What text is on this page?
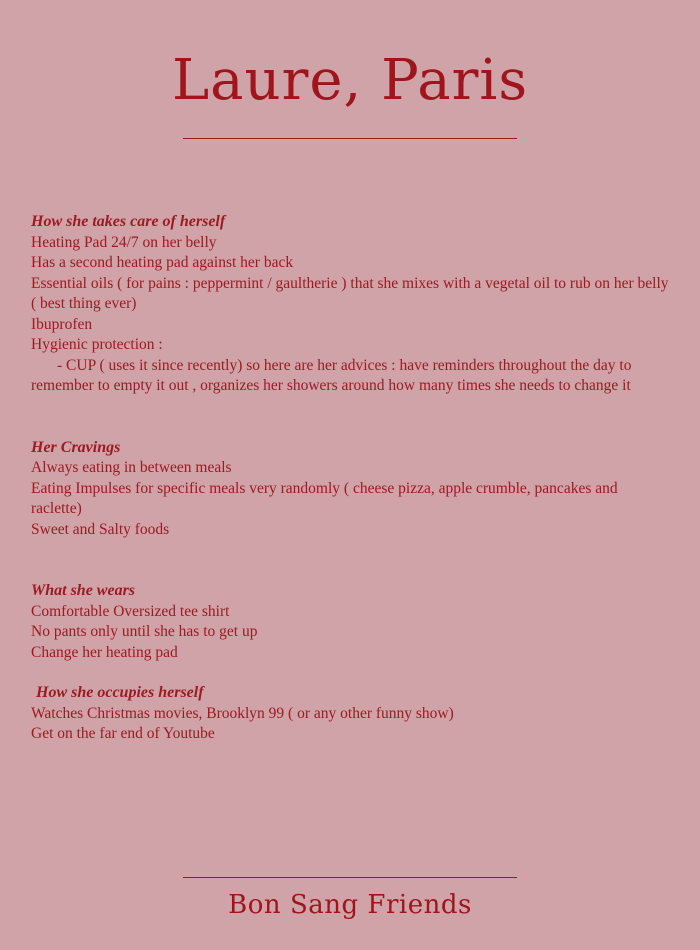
Laure, Paris

How she takes care of herself

Heating Pad 24/7 on her belly

Has a second heating pad against her back

Essential oils ( for pains : peppermint / gaultherie ) that she mixes with a vegetal oil to rub on her belly ( best thing ever)

Ibuprofen

Hygienic protection :

- CUP ( uses it since recently) so here are her advices : have reminders throughout the day to remember to empty it out , organizes her showers around how many times she needs to change it

Her Cravings

Always eating in between meals

Eating Impulses for specific meals very randomly ( cheese pizza, apple crumble, pancakes and raclette)

Sweet and Salty foods

What she wears

Comfortable Oversized tee shirt

No pants only until she has to get up

Change her heating pad

How she occupies herself

Watches Christmas movies, Brooklyn 99 ( or any other funny show)

Get on the far end of Youtube

Bon Sang Friends
